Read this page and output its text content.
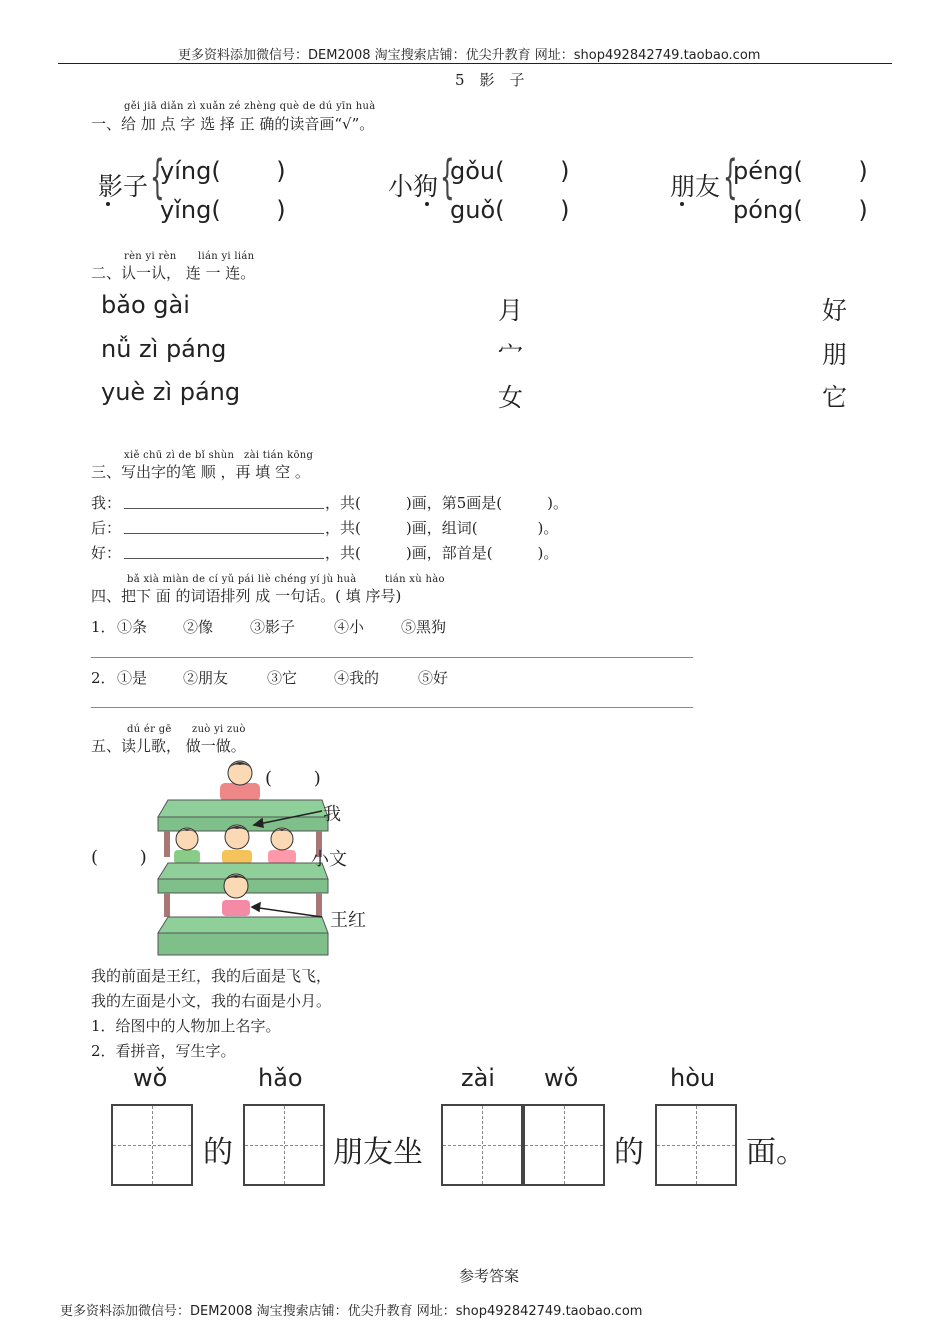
更多资料添加微信号：DEM2008 淘宝搜索店铺：优尖升教育 网址：shop492842749.taobao.com
5　影　子
gěi jiā diǎn zì xuǎn zé zhèng què de dú yīn huà
一、给 加 点 字 选 择 正 确的读音画“√”。
影子 {
yíng(　　 )
yǐng(　　 )
小狗 {
gǒu(　　 )
guǒ(　　 )
朋友 {
péng(　　 )
póng(　　 )
rèn yi rèn lián yi lián
二、认一认， 连 一 连。
bǎo gài
nǚ zì páng
yuè zì páng
月
宀
女
好
朋
它
xiě chū zì de bǐ shùn zài tián kōng
三、写出字的笔 顺 ，再 填 空 。
我：	，共(　　　)画，第5画是(　　　)。
后：	，共(　　　)画，组词(　　　　)。
好：	，共(　　　)画，部首是(　　　)。
bǎ xià miàn de cí yǔ pái liè chéng yí jù huà	tián xù hào
四、把下 面 的词语排列 成 一句话。( 填 序号)
1． ①条 ②像 ③影子	④小 ⑤黑狗
2． ①是 ②朋友	③它 ④我的	⑤好
dú ér gē zuò yi zuò
五、读儿歌， 做一做。
(　　 )
(　　 )
我
小文
王红
我的前面是王红，我的后面是飞飞，
我的左面是小文，我的右面是小月。
1．给图中的人物加上名字。
2．看拼音，写生字。
wǒ	hǎo	zài wǒ	hòu
的	朋友坐	的	面。
参考答案
更多资料添加微信号：DEM2008 淘宝搜索店铺：优尖升教育 网址：shop492842749.taobao.com
